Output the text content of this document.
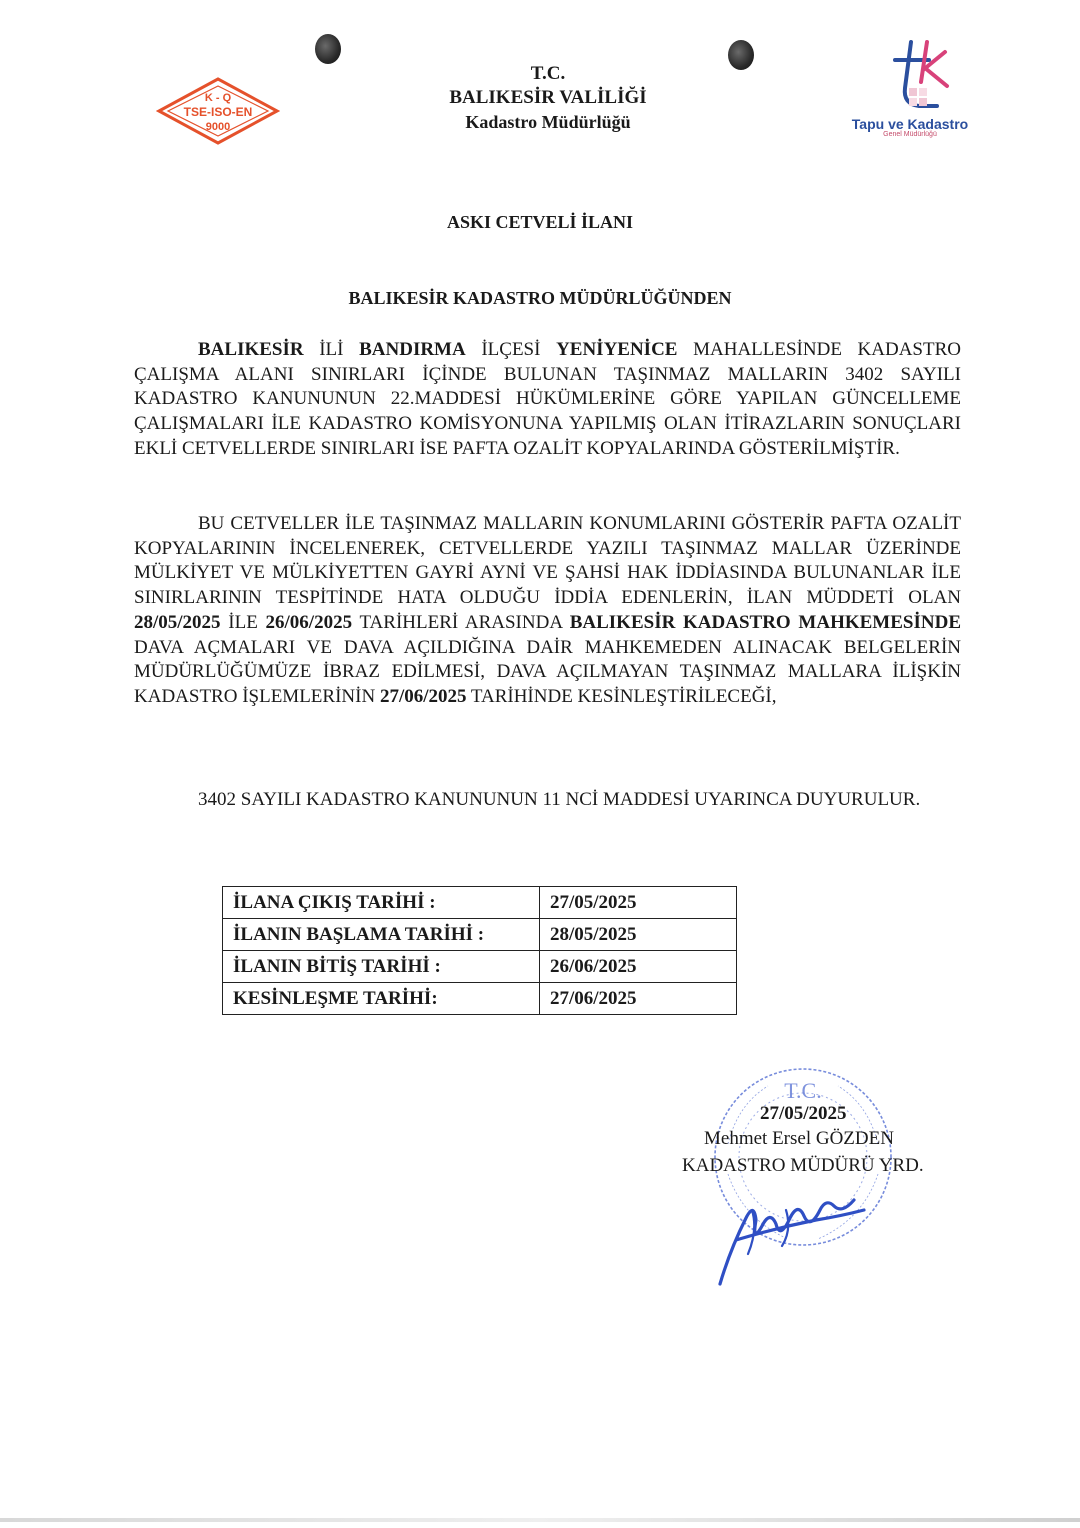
K - Q
TSE-ISO-EN
9000
T.C.
BALIKESİR VALİLİĞİ
Kadastro Müdürlüğü	Tapu ve Kadastro
Genel Müdürlüğü
ASKI CETVELİ İLANI
BALIKESİR KADASTRO MÜDÜRLÜĞÜNDEN

BALIKESİR İLİ BANDIRMA İLÇESİ YENİYENİCE MAHALLESİNDE KADASTRO ÇALIŞMA ALANI SINIRLARI İÇİNDE BULUNAN TAŞINMAZ MALLARIN 3402 SAYILI KADASTRO KANUNUNUN 22.MADDESİ HÜKÜMLERİNE GÖRE YAPILAN GÜNCELLEME ÇALIŞMALARI İLE KADASTRO KOMİSYONUNA YAPILMIŞ OLAN İTİRAZLARIN SONUÇLARI EKLİ CETVELLERDE SINIRLARI İSE PAFTA OZALİT KOPYALARINDA GÖSTERİLMİŞTİR.

BU CETVELLER İLE TAŞINMAZ MALLARIN KONUMLARINI GÖSTERİR PAFTA OZALİT KOPYALARININ İNCELENEREK, CETVELLERDE YAZILI TAŞINMAZ MALLAR ÜZERİNDE MÜLKİYET VE MÜLKİYETTEN GAYRİ AYNİ VE ŞAHSİ HAK İDDİASINDA BULUNANLAR İLE SINIRLARININ TESPİTİNDE HATA OLDUĞU İDDİA EDENLERİN, İLAN MÜDDETİ OLAN 28/05/2025 İLE 26/06/2025 TARİHLERİ ARASINDA BALIKESİR KADASTRO MAHKEMESİNDE DAVA AÇMALARI VE DAVA AÇILDIĞINA DAİR MAHKEMEDEN ALINACAK BELGELERİN MÜDÜRLÜĞÜMÜZE İBRAZ EDİLMESİ, DAVA AÇILMAYAN TAŞINMAZ MALLARA İLİŞKİN KADASTRO İŞLEMLERİNİN 27/06/2025 TARİHİNDE KESİNLEŞTİRİLECEĞİ,

3402 SAYILI KADASTRO KANUNUNUN 11 NCİ MADDESİ UYARINCA DUYURULUR.

İLANA ÇIKIŞ TARİHİ :	27/05/2025
İLANIN BAŞLAMA TARİHİ :	28/05/2025
İLANIN BİTİŞ TARİHİ :	26/06/2025
KESİNLEŞME TARİHİ:	27/06/2025
T.C.
27/05/2025
Mehmet Ersel GÖZDEN
KADASTRO MÜDÜRÜ YRD.
